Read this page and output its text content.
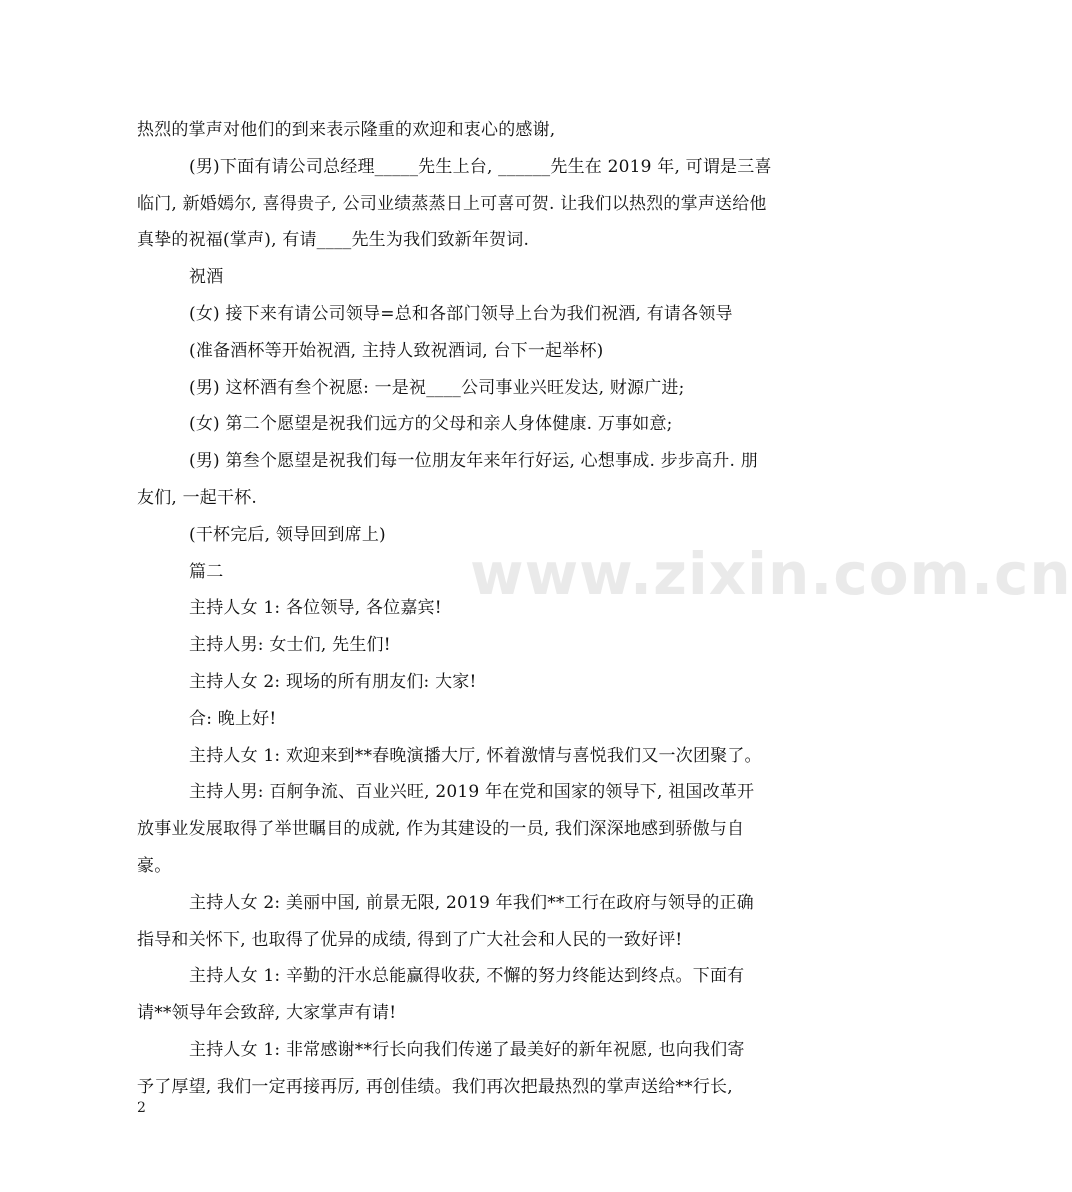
热烈的掌声对他们的到来表示隆重的欢迎和衷心的感谢,
(男)下面有请公司总经理_____先生上台, ______先生在 2019 年, 可谓是三喜
临门, 新婚嫣尔, 喜得贵子, 公司业绩蒸蒸日上可喜可贺. 让我们以热烈的掌声送给他
真挚的祝福(掌声), 有请____先生为我们致新年贺词.
祝酒
(女) 接下来有请公司领导=总和各部门领导上台为我们祝酒, 有请各领导
(准备酒杯等开始祝酒, 主持人致祝酒词, 台下一起举杯)
(男) 这杯酒有叁个祝愿: 一是祝____公司事业兴旺发达, 财源广进;
(女) 第二个愿望是祝我们远方的父母和亲人身体健康. 万事如意;
(男) 第叁个愿望是祝我们每一位朋友年来年行好运, 心想事成. 步步高升. 朋
友们, 一起干杯.
(干杯完后, 领导回到席上)
篇二
主持人女 1: 各位领导, 各位嘉宾!
主持人男: 女士们, 先生们!
主持人女 2: 现场的所有朋友们: 大家!
合: 晚上好!
主持人女 1: 欢迎来到**春晚演播大厅, 怀着激情与喜悦我们又一次团聚了。
主持人男: 百舸争流、百业兴旺, 2019 年在党和国家的领导下, 祖国改革开
放事业发展取得了举世瞩目的成就, 作为其建设的一员, 我们深深地感到骄傲与自
豪。
主持人女 2: 美丽中国, 前景无限, 2019 年我们**工行在政府与领导的正确
指导和关怀下, 也取得了优异的成绩, 得到了广大社会和人民的一致好评!
主持人女 1: 辛勤的汗水总能赢得收获, 不懈的努力终能达到终点。下面有
请**领导年会致辞, 大家掌声有请!
主持人女 1: 非常感谢**行长向我们传递了最美好的新年祝愿, 也向我们寄
予了厚望, 我们一定再接再厉, 再创佳绩。我们再次把最热烈的掌声送给**行长,
www.zixin.com.cn
2
